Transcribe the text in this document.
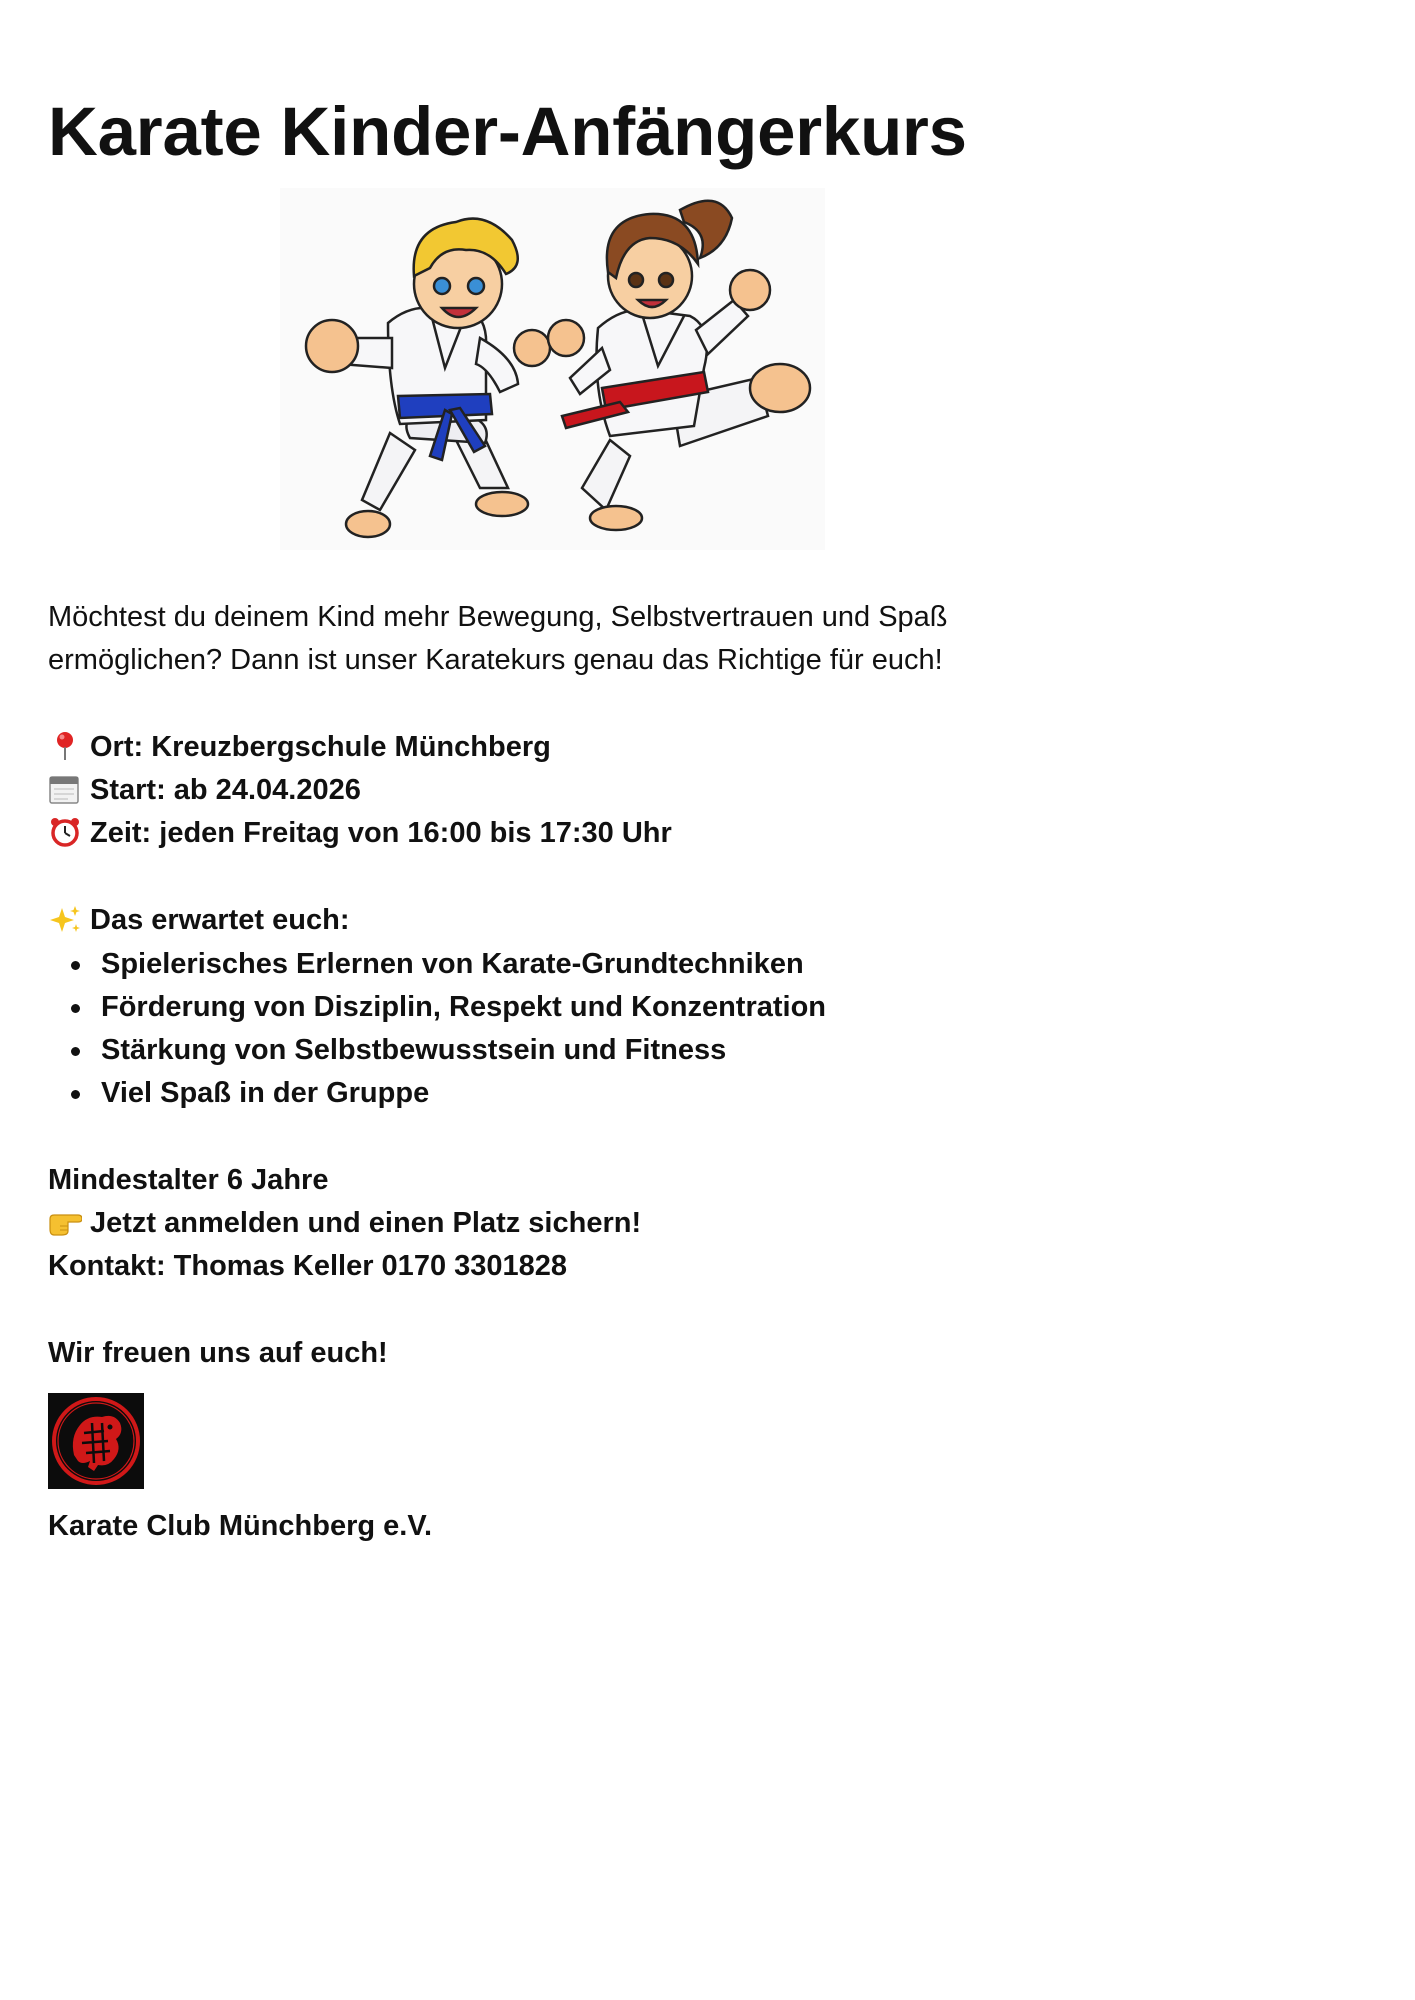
Karate Kinder-Anfängerkurs

Möchtest du deinem Kind mehr Bewegung, Selbstvertrauen und Spaß ermöglichen? Dann ist unser Karatekurs genau das Richtige für euch!

Ort: Kreuzbergschule Münchberg
Start: ab 24.04.2026
Zeit: jeden Freitag von 16:00 bis 17:30 Uhr
Das erwartet euch:
Spielerisches Erlernen von Karate-Grundtechniken
Förderung von Disziplin, Respekt und Konzentration
Stärkung von Selbstbewusstsein und Fitness
Viel Spaß in der Gruppe
Mindestalter 6 Jahre
Jetzt anmelden und einen Platz sichern!
Kontakt: Thomas Keller 0170 3301828
Wir freuen uns auf euch!
Karate Club Münchberg e.V.
